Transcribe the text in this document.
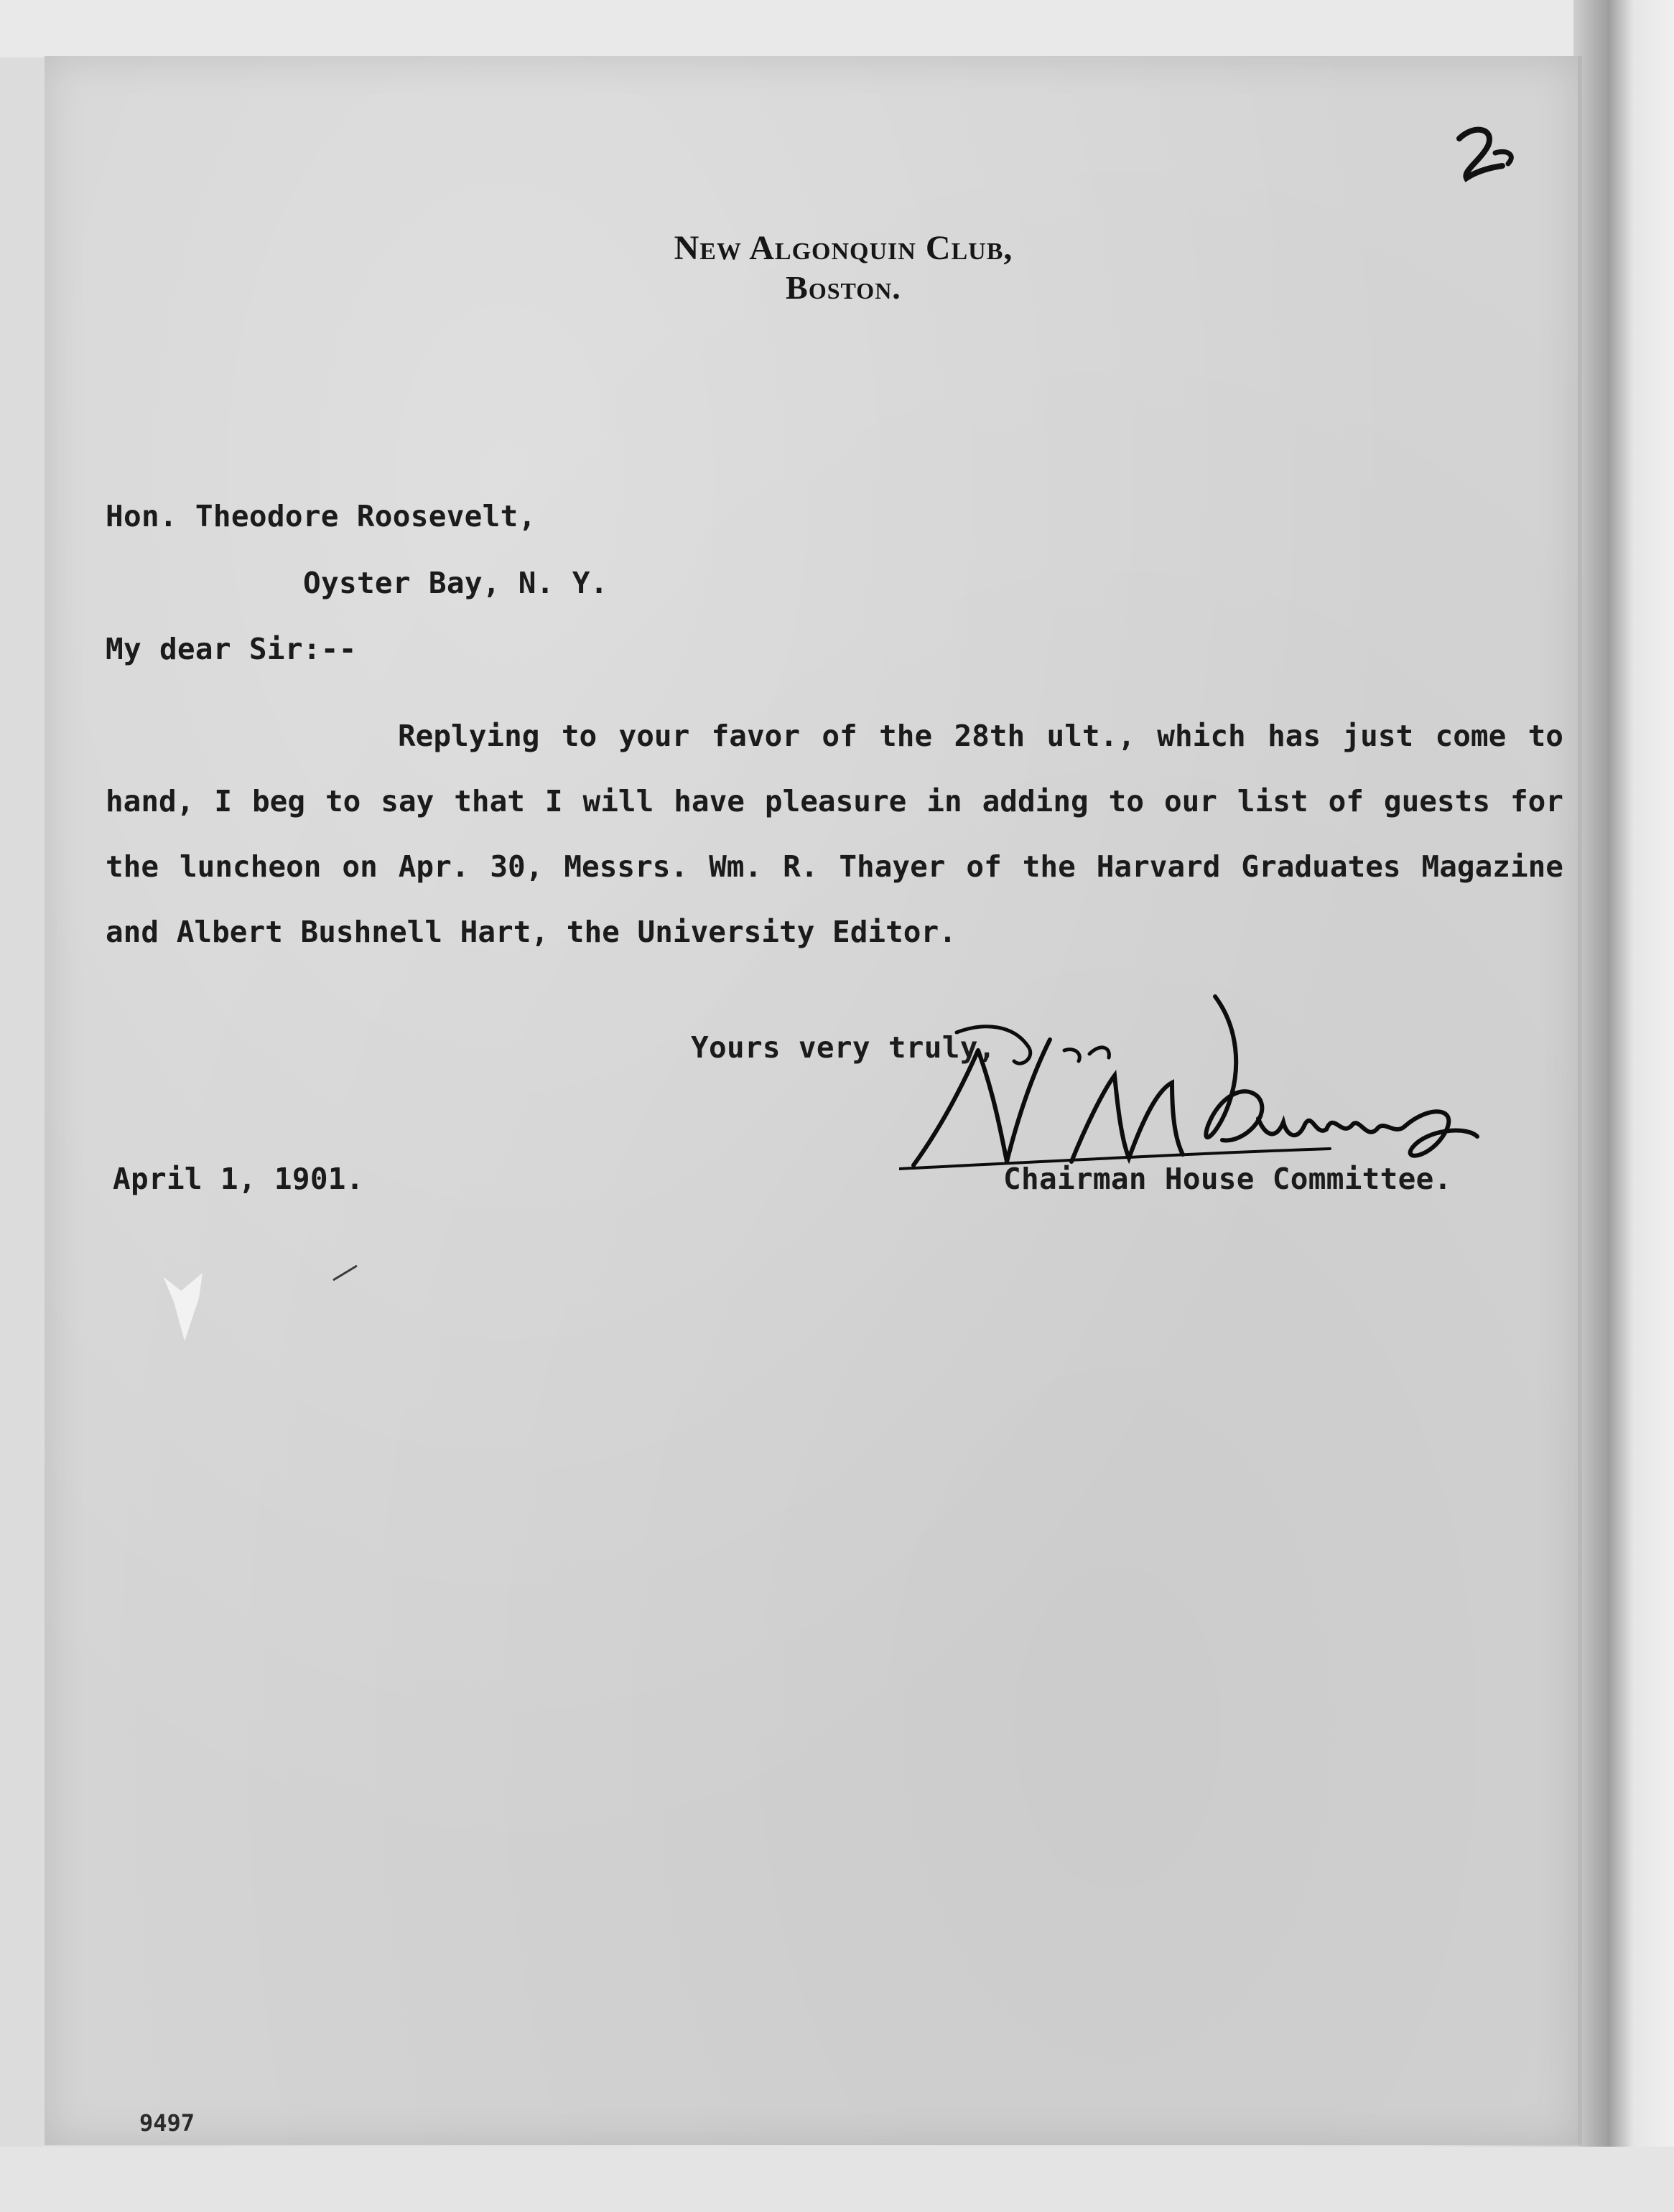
New Algonquin Club,
Boston.
Hon. Theodore Roosevelt,
Oyster Bay, N. Y.
My dear Sir:--

Replying to your favor of the 28th ult., which has just come to hand, I beg to say that I will have pleasure in adding to our list of guests for the luncheon on Apr. 30, Messrs. Wm. R. Thayer of the Harvard Graduates Magazine and Albert Bushnell Hart, the University Editor.

Yours very truly,
April 1, 1901.	Chairman House Committee.
9497
